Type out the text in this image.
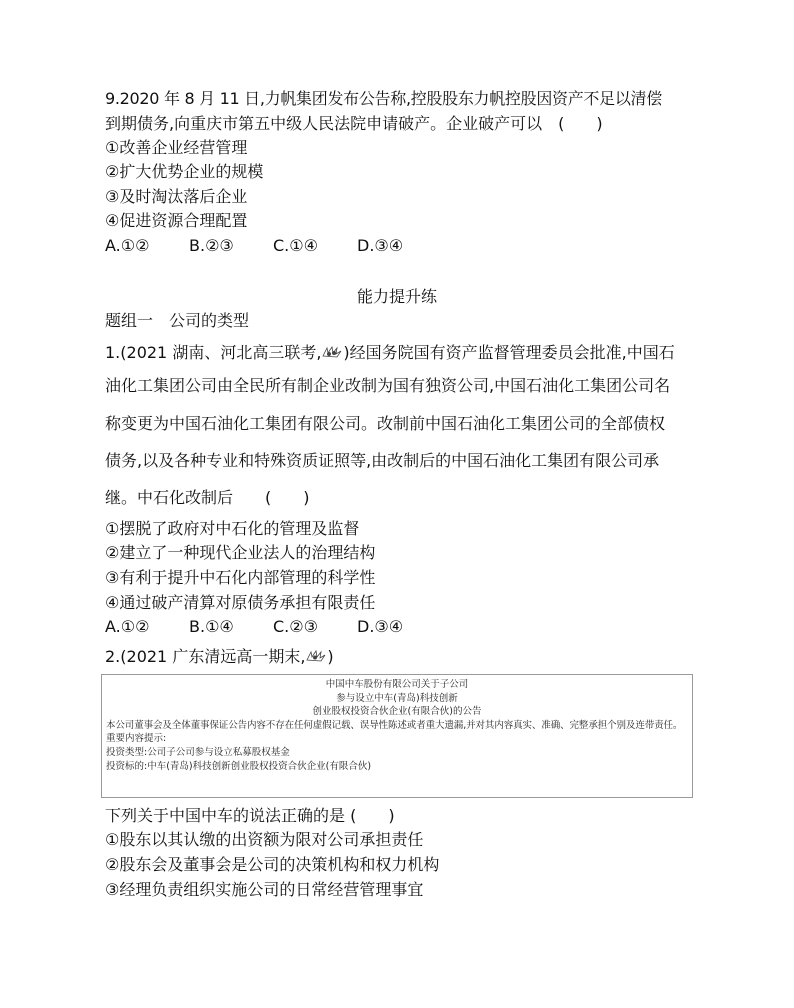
9.2020 年 8 月 11 日,力帆集团发布公告称,控股股东力帆控股因资产不足以清偿
到期债务,向重庆市第五中级人民法院申请破产。企业破产可以　(　　)
①改善企业经营管理
②扩大优势企业的规模
③及时淘汰落后企业
④促进资源合理配置
A.①② B.②③ C.①④ D.③④
能力提升练
题组一　公司的类型
1.(2021 湖南、河北高三联考, )经国务院国有资产监督管理委员会批准,中国石
油化工集团公司由全民所有制企业改制为国有独资公司,中国石油化工集团公司名
称变更为中国石油化工集团有限公司。改制前中国石油化工集团公司的全部债权
债务,以及各种专业和特殊资质证照等,由改制后的中国石油化工集团有限公司承
继。中石化改制后　　(　　)
①摆脱了政府对中石化的管理及监督
②建立了一种现代企业法人的治理结构
③有利于提升中石化内部管理的科学性
④通过破产清算对原债务承担有限责任
A.①② B.①④ C.②③ D.③④
2.(2021 广东清远高一期末, )
中国中车股份有限公司关于子公司
参与设立中车(青岛)科技创新
创业股权投资合伙企业(有限合伙)的公告
本公司董事会及全体董事保证公告内容不存在任何虚假记载、误导性陈述或者重大遗漏,并对其内容真实、准确、完整承担个别及连带责任。
重要内容提示:
投资类型:公司子公司参与设立私募股权基金
投资标的:中车(青岛)科技创新创业股权投资合伙企业(有限合伙)
下列关于中国中车的说法正确的是 (　　)
①股东以其认缴的出资额为限对公司承担责任
②股东会及董事会是公司的决策机构和权力机构
③经理负责组织实施公司的日常经营管理事宜
